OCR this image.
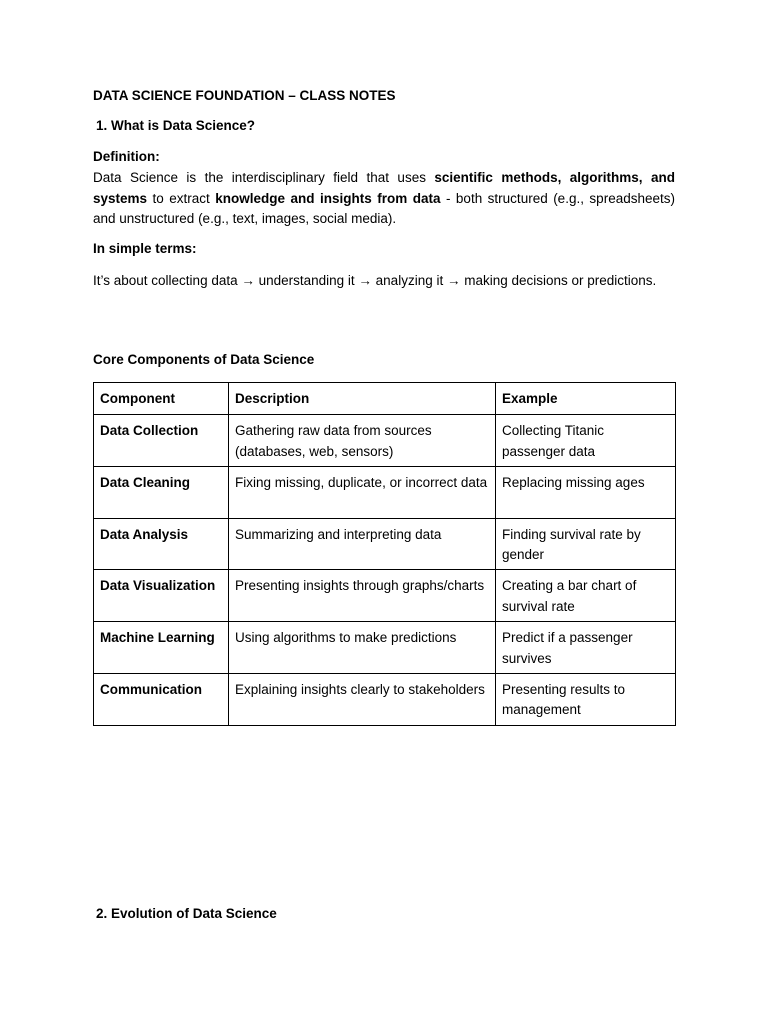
DATA SCIENCE FOUNDATION – CLASS NOTES
1. What is Data Science?
Definition:
Data Science is the interdisciplinary field that uses scientific methods, algorithms, and systems to extract knowledge and insights from data - both structured (e.g., spreadsheets) and unstructured (e.g., text, images, social media).
In simple terms:
It’s about collecting data → understanding it → analyzing it → making decisions or predictions.
Core Components of Data Science
Component	Description	Example
Data Collection	Gathering raw data from sources (databases, web, sensors)	Collecting Titanic passenger data
Data Cleaning	Fixing missing, duplicate, or incorrect data	Replacing missing ages
Data Analysis	Summarizing and interpreting data	Finding survival rate by gender
Data Visualization	Presenting insights through graphs/charts	Creating a bar chart of survival rate
Machine Learning	Using algorithms to make predictions	Predict if a passenger survives
Communication	Explaining insights clearly to stakeholders	Presenting results to management
2. Evolution of Data Science
